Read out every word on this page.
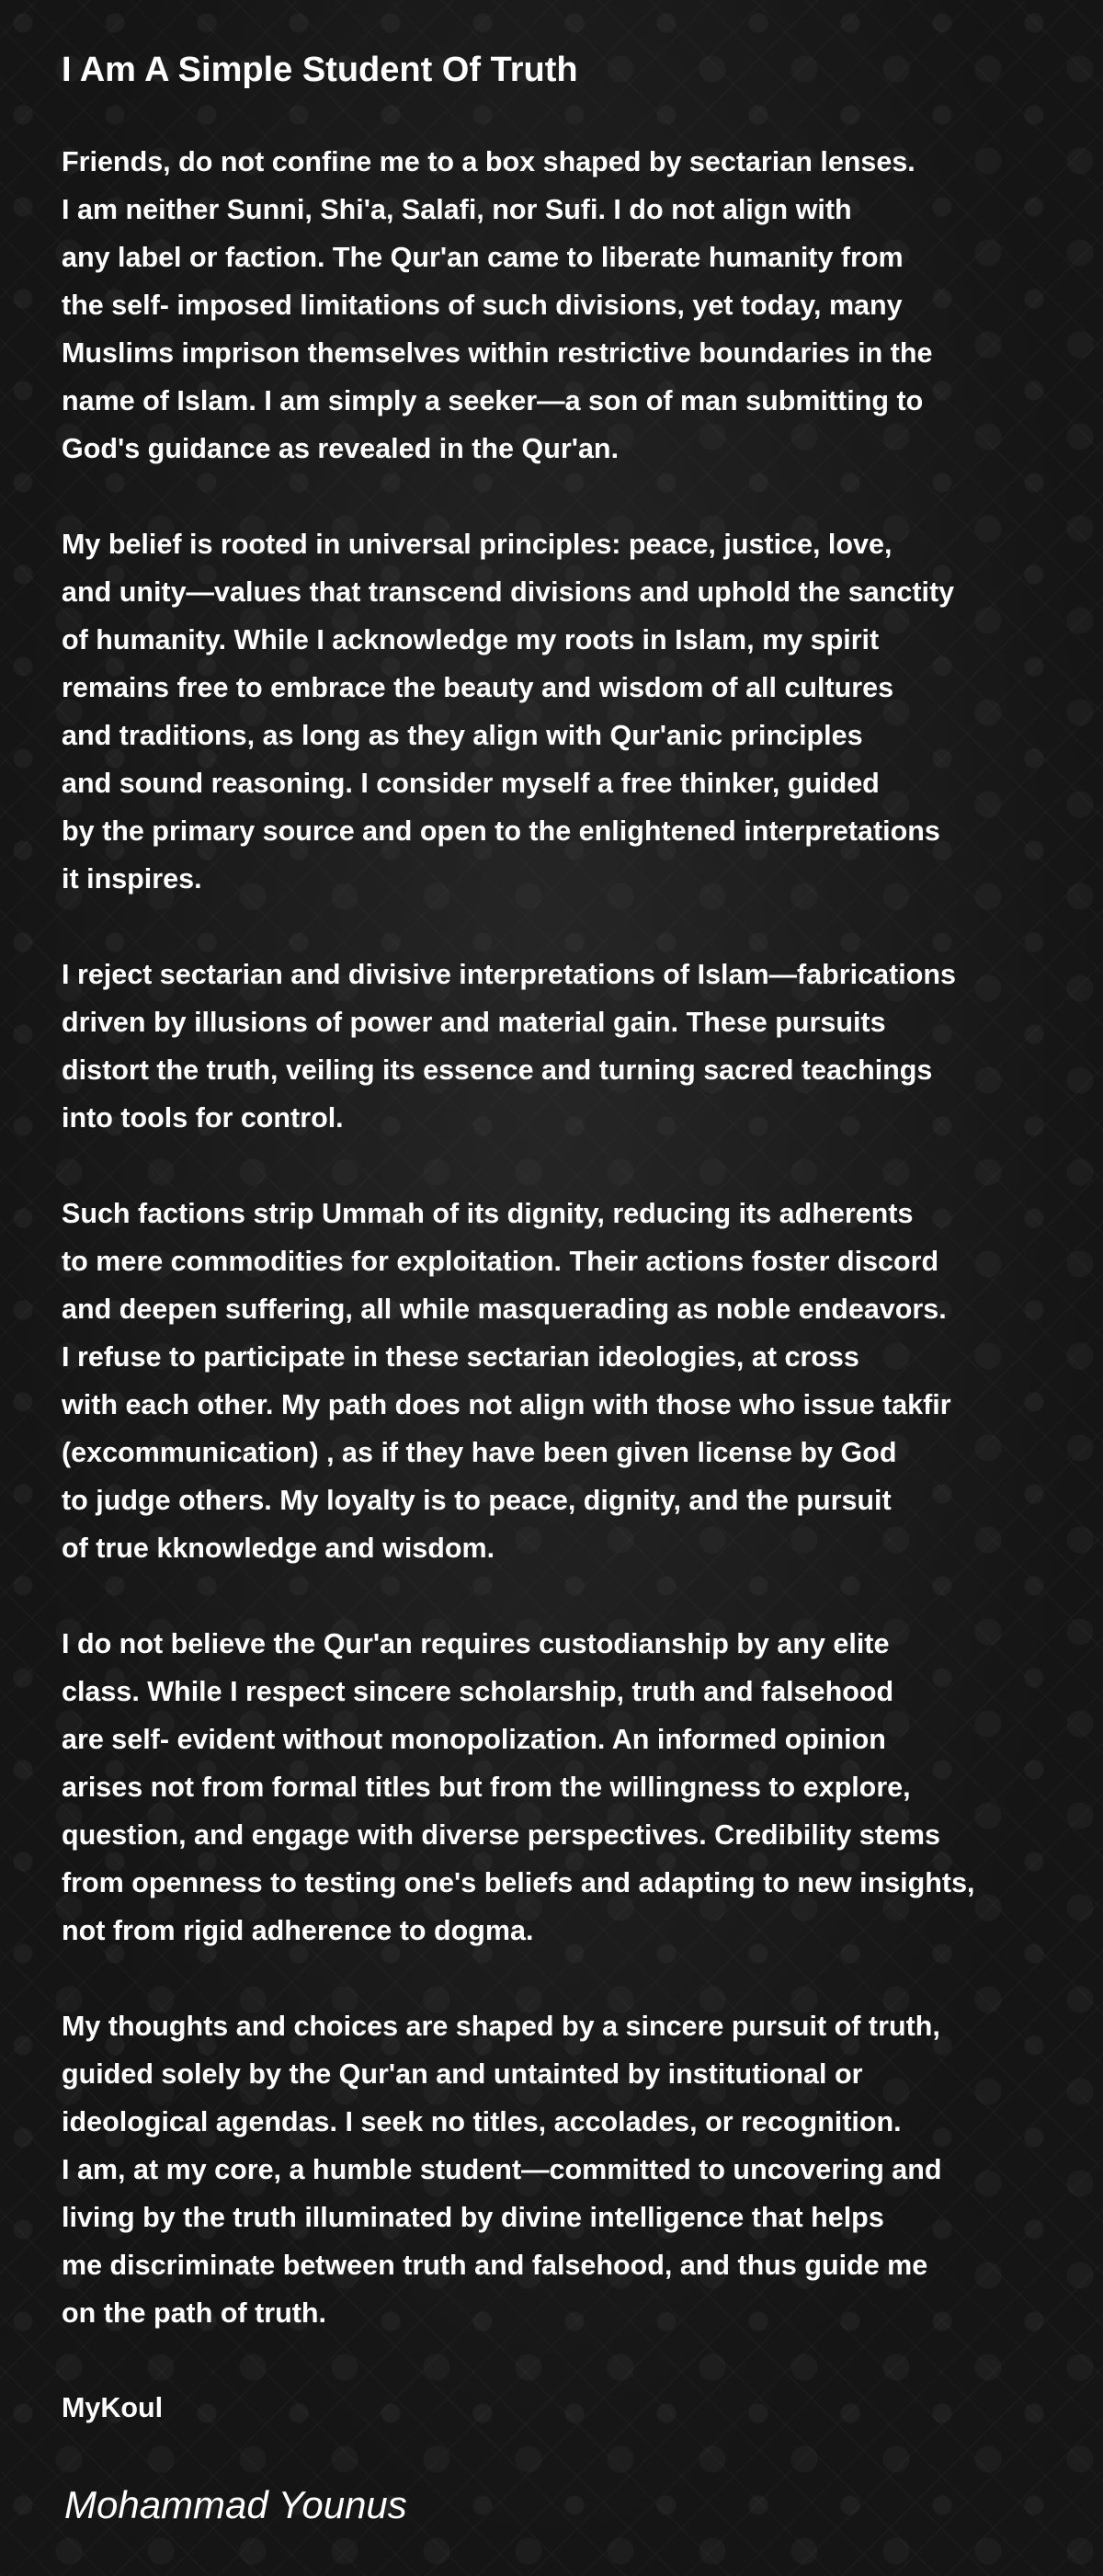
I Am A Simple Student Of Truth
Friends, do not confine me to a box shaped by sectarian lenses.
I am neither Sunni, Shi'a, Salafi, nor Sufi. I do not align with
any label or faction. The Qur'an came to liberate humanity from
the self- imposed limitations of such divisions, yet today, many
Muslims imprison themselves within restrictive boundaries in the
name of Islam. I am simply a seeker—a son of man submitting to
God's guidance as revealed in the Qur'an.
My belief is rooted in universal principles: peace, justice, love,
and unity—values that transcend divisions and uphold the sanctity
of humanity. While I acknowledge my roots in Islam, my spirit
remains free to embrace the beauty and wisdom of all cultures
and traditions, as long as they align with Qur'anic principles
and sound reasoning. I consider myself a free thinker, guided
by the primary source and open to the enlightened interpretations
it inspires.
I reject sectarian and divisive interpretations of Islam—fabrications
driven by illusions of power and material gain. These pursuits
distort the truth, veiling its essence and turning sacred teachings
into tools for control.
Such factions strip Ummah of its dignity, reducing its adherents
to mere commodities for exploitation. Their actions foster discord
and deepen suffering, all while masquerading as noble endeavors.
I refuse to participate in these sectarian ideologies, at cross
with each other. My path does not align with those who issue takfir
(excommunication) , as if they have been given license by God
to judge others. My loyalty is to peace, dignity, and the pursuit
of true kknowledge and wisdom.
I do not believe the Qur'an requires custodianship by any elite
class. While I respect sincere scholarship, truth and falsehood
are self- evident without monopolization. An informed opinion
arises not from formal titles but from the willingness to explore,
question, and engage with diverse perspectives. Credibility stems
from openness to testing one's beliefs and adapting to new insights,
not from rigid adherence to dogma.
My thoughts and choices are shaped by a sincere pursuit of truth,
guided solely by the Qur'an and untainted by institutional or
ideological agendas. I seek no titles, accolades, or recognition.
I am, at my core, a humble student—committed to uncovering and
living by the truth illuminated by divine intelligence that helps
me discriminate between truth and falsehood, and thus guide me
on the path of truth.
MyKoul
Mohammad Younus
